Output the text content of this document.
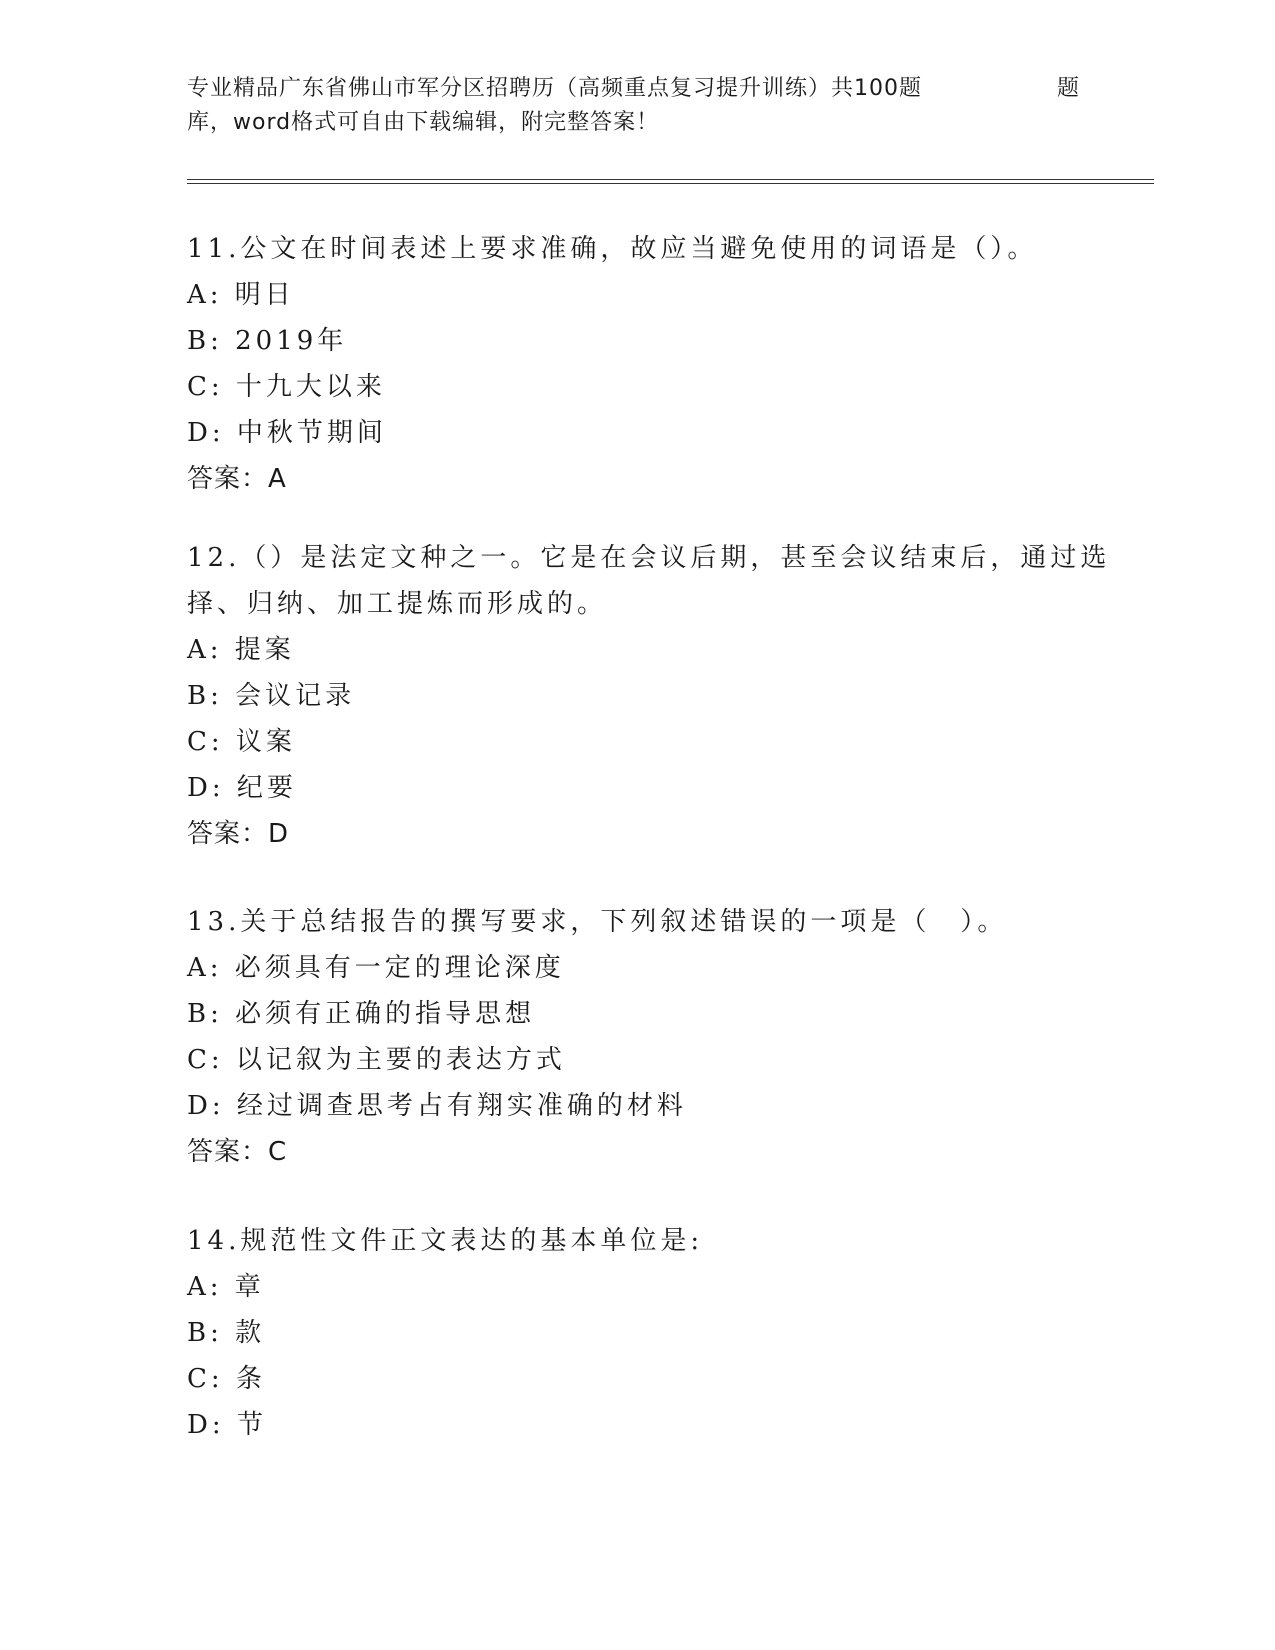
专业精品广东省佛山市军分区招聘历（高频重点复习提升训练）共100题	题
库，word格式可自由下载编辑，附完整答案！
11.公文在时间表述上要求准确，故应当避免使用的词语是（）。
A: 明日
B: 2019年
C: 十九大以来
D: 中秋节期间
答案：A
12.（）是法定文种之一。它是在会议后期，甚至会议结束后，通过选
择、归纳、加工提炼而形成的。
A: 提案
B: 会议记录
C: 议案
D: 纪要
答案：D
13.关于总结报告的撰写要求，下列叙述错误的一项是（　）。
A: 必须具有一定的理论深度
B: 必须有正确的指导思想
C: 以记叙为主要的表达方式
D: 经过调查思考占有翔实准确的材料
答案：C
14.规范性文件正文表达的基本单位是:
A: 章
B: 款
C: 条
D: 节
